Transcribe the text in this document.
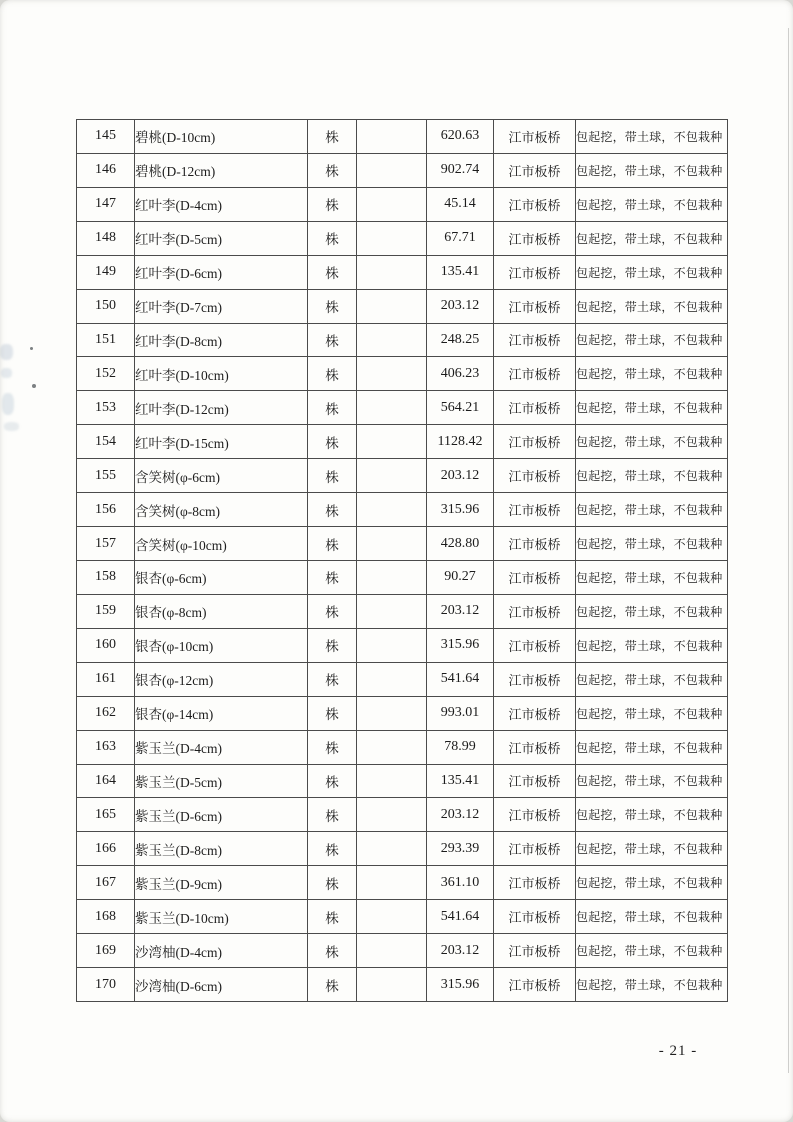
145	碧桃(D-10cm)	株		620.63	江市板桥	包起挖，带土球，不包栽种
146	碧桃(D-12cm)	株		902.74	江市板桥	包起挖，带土球，不包栽种
147	红叶李(D-4cm)	株		45.14	江市板桥	包起挖，带土球，不包栽种
148	红叶李(D-5cm)	株		67.71	江市板桥	包起挖，带土球，不包栽种
149	红叶李(D-6cm)	株		135.41	江市板桥	包起挖，带土球，不包栽种
150	红叶李(D-7cm)	株		203.12	江市板桥	包起挖，带土球，不包栽种
151	红叶李(D-8cm)	株		248.25	江市板桥	包起挖，带土球，不包栽种
152	红叶李(D-10cm)	株		406.23	江市板桥	包起挖，带土球，不包栽种
153	红叶李(D-12cm)	株		564.21	江市板桥	包起挖，带土球，不包栽种
154	红叶李(D-15cm)	株		1128.42	江市板桥	包起挖，带土球，不包栽种
155	含笑树(φ-6cm)	株		203.12	江市板桥	包起挖，带土球，不包栽种
156	含笑树(φ-8cm)	株		315.96	江市板桥	包起挖，带土球，不包栽种
157	含笑树(φ-10cm)	株		428.80	江市板桥	包起挖，带土球，不包栽种
158	银杏(φ-6cm)	株		90.27	江市板桥	包起挖，带土球，不包栽种
159	银杏(φ-8cm)	株		203.12	江市板桥	包起挖，带土球，不包栽种
160	银杏(φ-10cm)	株		315.96	江市板桥	包起挖，带土球，不包栽种
161	银杏(φ-12cm)	株		541.64	江市板桥	包起挖，带土球，不包栽种
162	银杏(φ-14cm)	株		993.01	江市板桥	包起挖，带土球，不包栽种
163	紫玉兰(D-4cm)	株		78.99	江市板桥	包起挖，带土球，不包栽种
164	紫玉兰(D-5cm)	株		135.41	江市板桥	包起挖，带土球，不包栽种
165	紫玉兰(D-6cm)	株		203.12	江市板桥	包起挖，带土球，不包栽种
166	紫玉兰(D-8cm)	株		293.39	江市板桥	包起挖，带土球，不包栽种
167	紫玉兰(D-9cm)	株		361.10	江市板桥	包起挖，带土球，不包栽种
168	紫玉兰(D-10cm)	株		541.64	江市板桥	包起挖，带土球，不包栽种
169	沙湾柚(D-4cm)	株		203.12	江市板桥	包起挖，带土球，不包栽种
170	沙湾柚(D-6cm)	株		315.96	江市板桥	包起挖，带土球，不包栽种
- 21 -
